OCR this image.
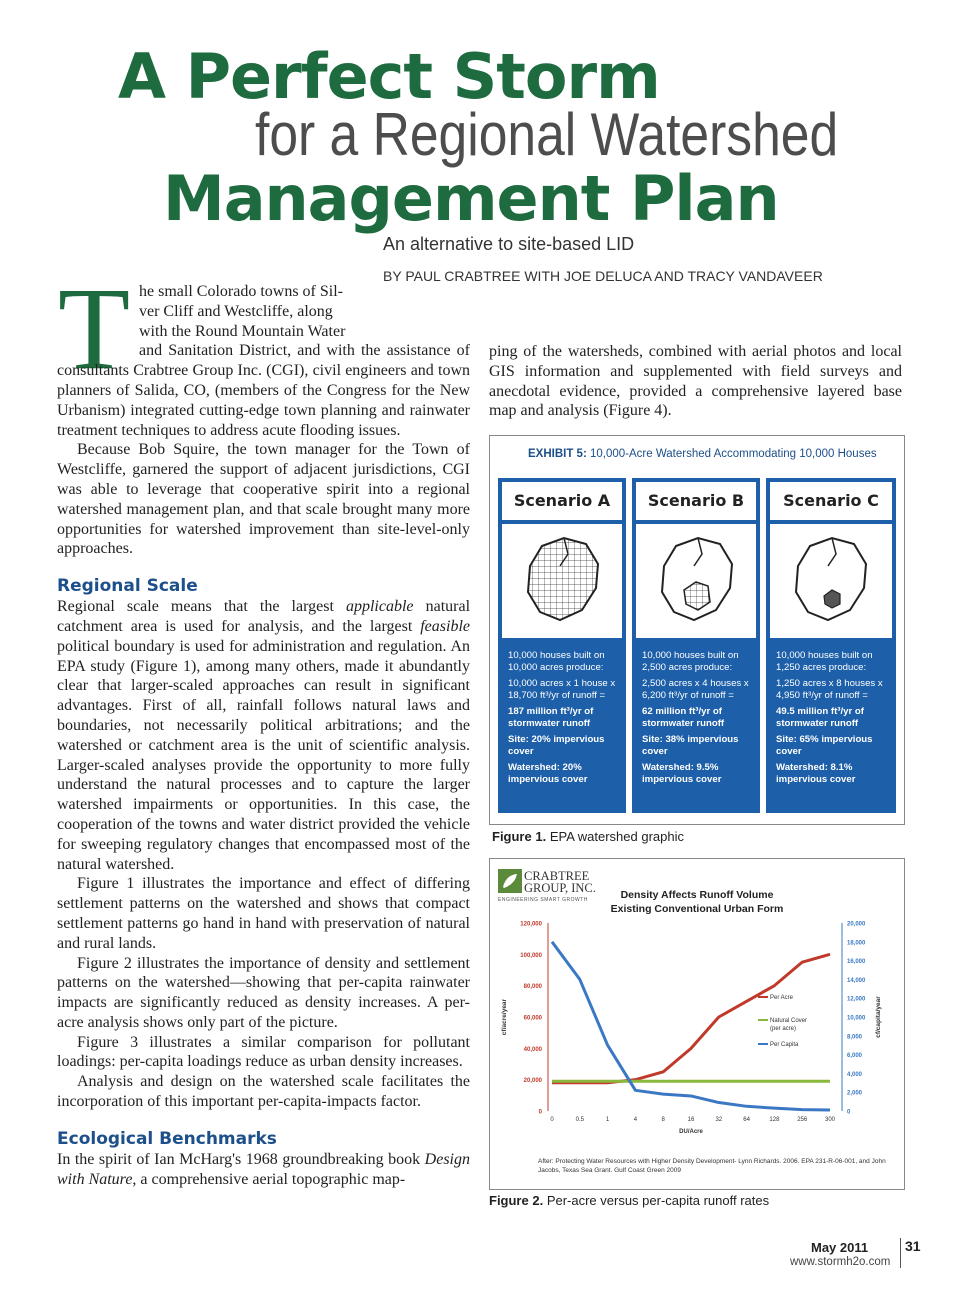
A Perfect Storm
for a Regional Watershed
Management Plan
An alternative to site-based LID
BY PAUL CRABTREE WITH JOE DELUCA AND TRACY VANDAVEER
T he small Colorado towns of Sil-
ver Cliff and Westcliffe, along
with the Round Mountain Water

and Sanitation District, and with the assistance of consultants Crabtree Group Inc. (CGI), civil engineers and town planners of Salida, CO, (members of the Congress for the New Urbanism) integrated cutting-edge town planning and rainwater treatment techniques to address acute flooding issues.

Because Bob Squire, the town manager for the Town of Westcliffe, garnered the support of adjacent jurisdictions, CGI was able to leverage that cooperative spirit into a regional watershed management plan, and that scale brought many more opportunities for watershed improvement than site-level-only approaches.

Regional Scale

Regional scale means that the largest applicable natural catchment area is used for analysis, and the largest feasible political boundary is used for administration and regulation. An EPA study (Figure 1), among many others, made it abundantly clear that larger-scaled approaches can result in significant advantages. First of all, rainfall follows natural laws and boundaries, not necessarily political arbitrations; and the watershed or catchment area is the unit of scientific analysis. Larger-scaled analyses provide the opportunity to more fully understand the natural processes and to capture the larger watershed impairments or opportunities. In this case, the cooperation of the towns and water district provided the vehicle for sweeping regulatory changes that encompassed most of the natural watershed.

Figure 1 illustrates the importance and effect of differing settlement patterns on the watershed and shows that compact settlement patterns go hand in hand with preservation of natural and rural lands.

Figure 2 illustrates the importance of density and settlement patterns on the watershed—showing that per-capita rainwater impacts are significantly reduced as density increases. A per-acre analysis shows only part of the picture.

Figure 3 illustrates a similar comparison for pollutant loadings: per-capita loadings reduce as urban density increases.

Analysis and design on the watershed scale facilitates the incorporation of this important per-capita-impacts factor.

Ecological Benchmarks

In the spirit of Ian McHarg's 1968 groundbreaking book Design with Nature, a comprehensive aerial topographic map-

ping of the watersheds, combined with aerial photos and local GIS information and supplemented with field surveys and anecdotal evidence, provided a comprehensive layered base map and analysis (Figure 4).
EXHIBIT 5: 10,000-Acre Watershed Accommodating 10,000 Houses
Scenario A

10,000 houses built on 10,000 acres produce:

10,000 acres x 1 house x 18,700 ft³/yr of runoff =

187 million ft³/yr of stormwater runoff

Site: 20% impervious cover

Watershed: 20% impervious cover

Scenario B

10,000 houses built on 2,500 acres produce:

2,500 acres x 4 houses x 6,200 ft³/yr of runoff =

62 million ft³/yr of stormwater runoff

Site: 38% impervious cover

Watershed: 9.5% impervious cover

Scenario C

10,000 houses built on 1,250 acres produce:

1,250 acres x 8 houses x 4,950 ft³/yr of runoff =

49.5 million ft³/yr of stormwater runoff

Site: 65% impervious cover

Watershed: 8.1% impervious cover

Figure 1. EPA watershed graphic
CRABTREE
GROUP, INC.
ENGINEERING SMART GROWTH	Density Affects Runoff Volume
Existing Conventional Urban Form
0
20,000
40,000
60,000
80,000
100,000
120,000
0
2,000
4,000
6,000
8,000
10,000
12,000
14,000
16,000
18,000
20,000
0	0.5	1	4	8	16	32	64	128	256	300
DU/Acre
cf/acre/year	cf/capita/year
Per Acre
Natural Cover
(per acre)
Per Capita
After: Protecting Water Resources with Higher Density Development- Lynn Richards. 2006. EPA 231-R-06-001, and John Jacobs, Texas Sea Grant. Gulf Coast Green 2009
Figure 2. Per-acre versus per-capita runoff rates
May 2011	31
www.stormh2o.com
